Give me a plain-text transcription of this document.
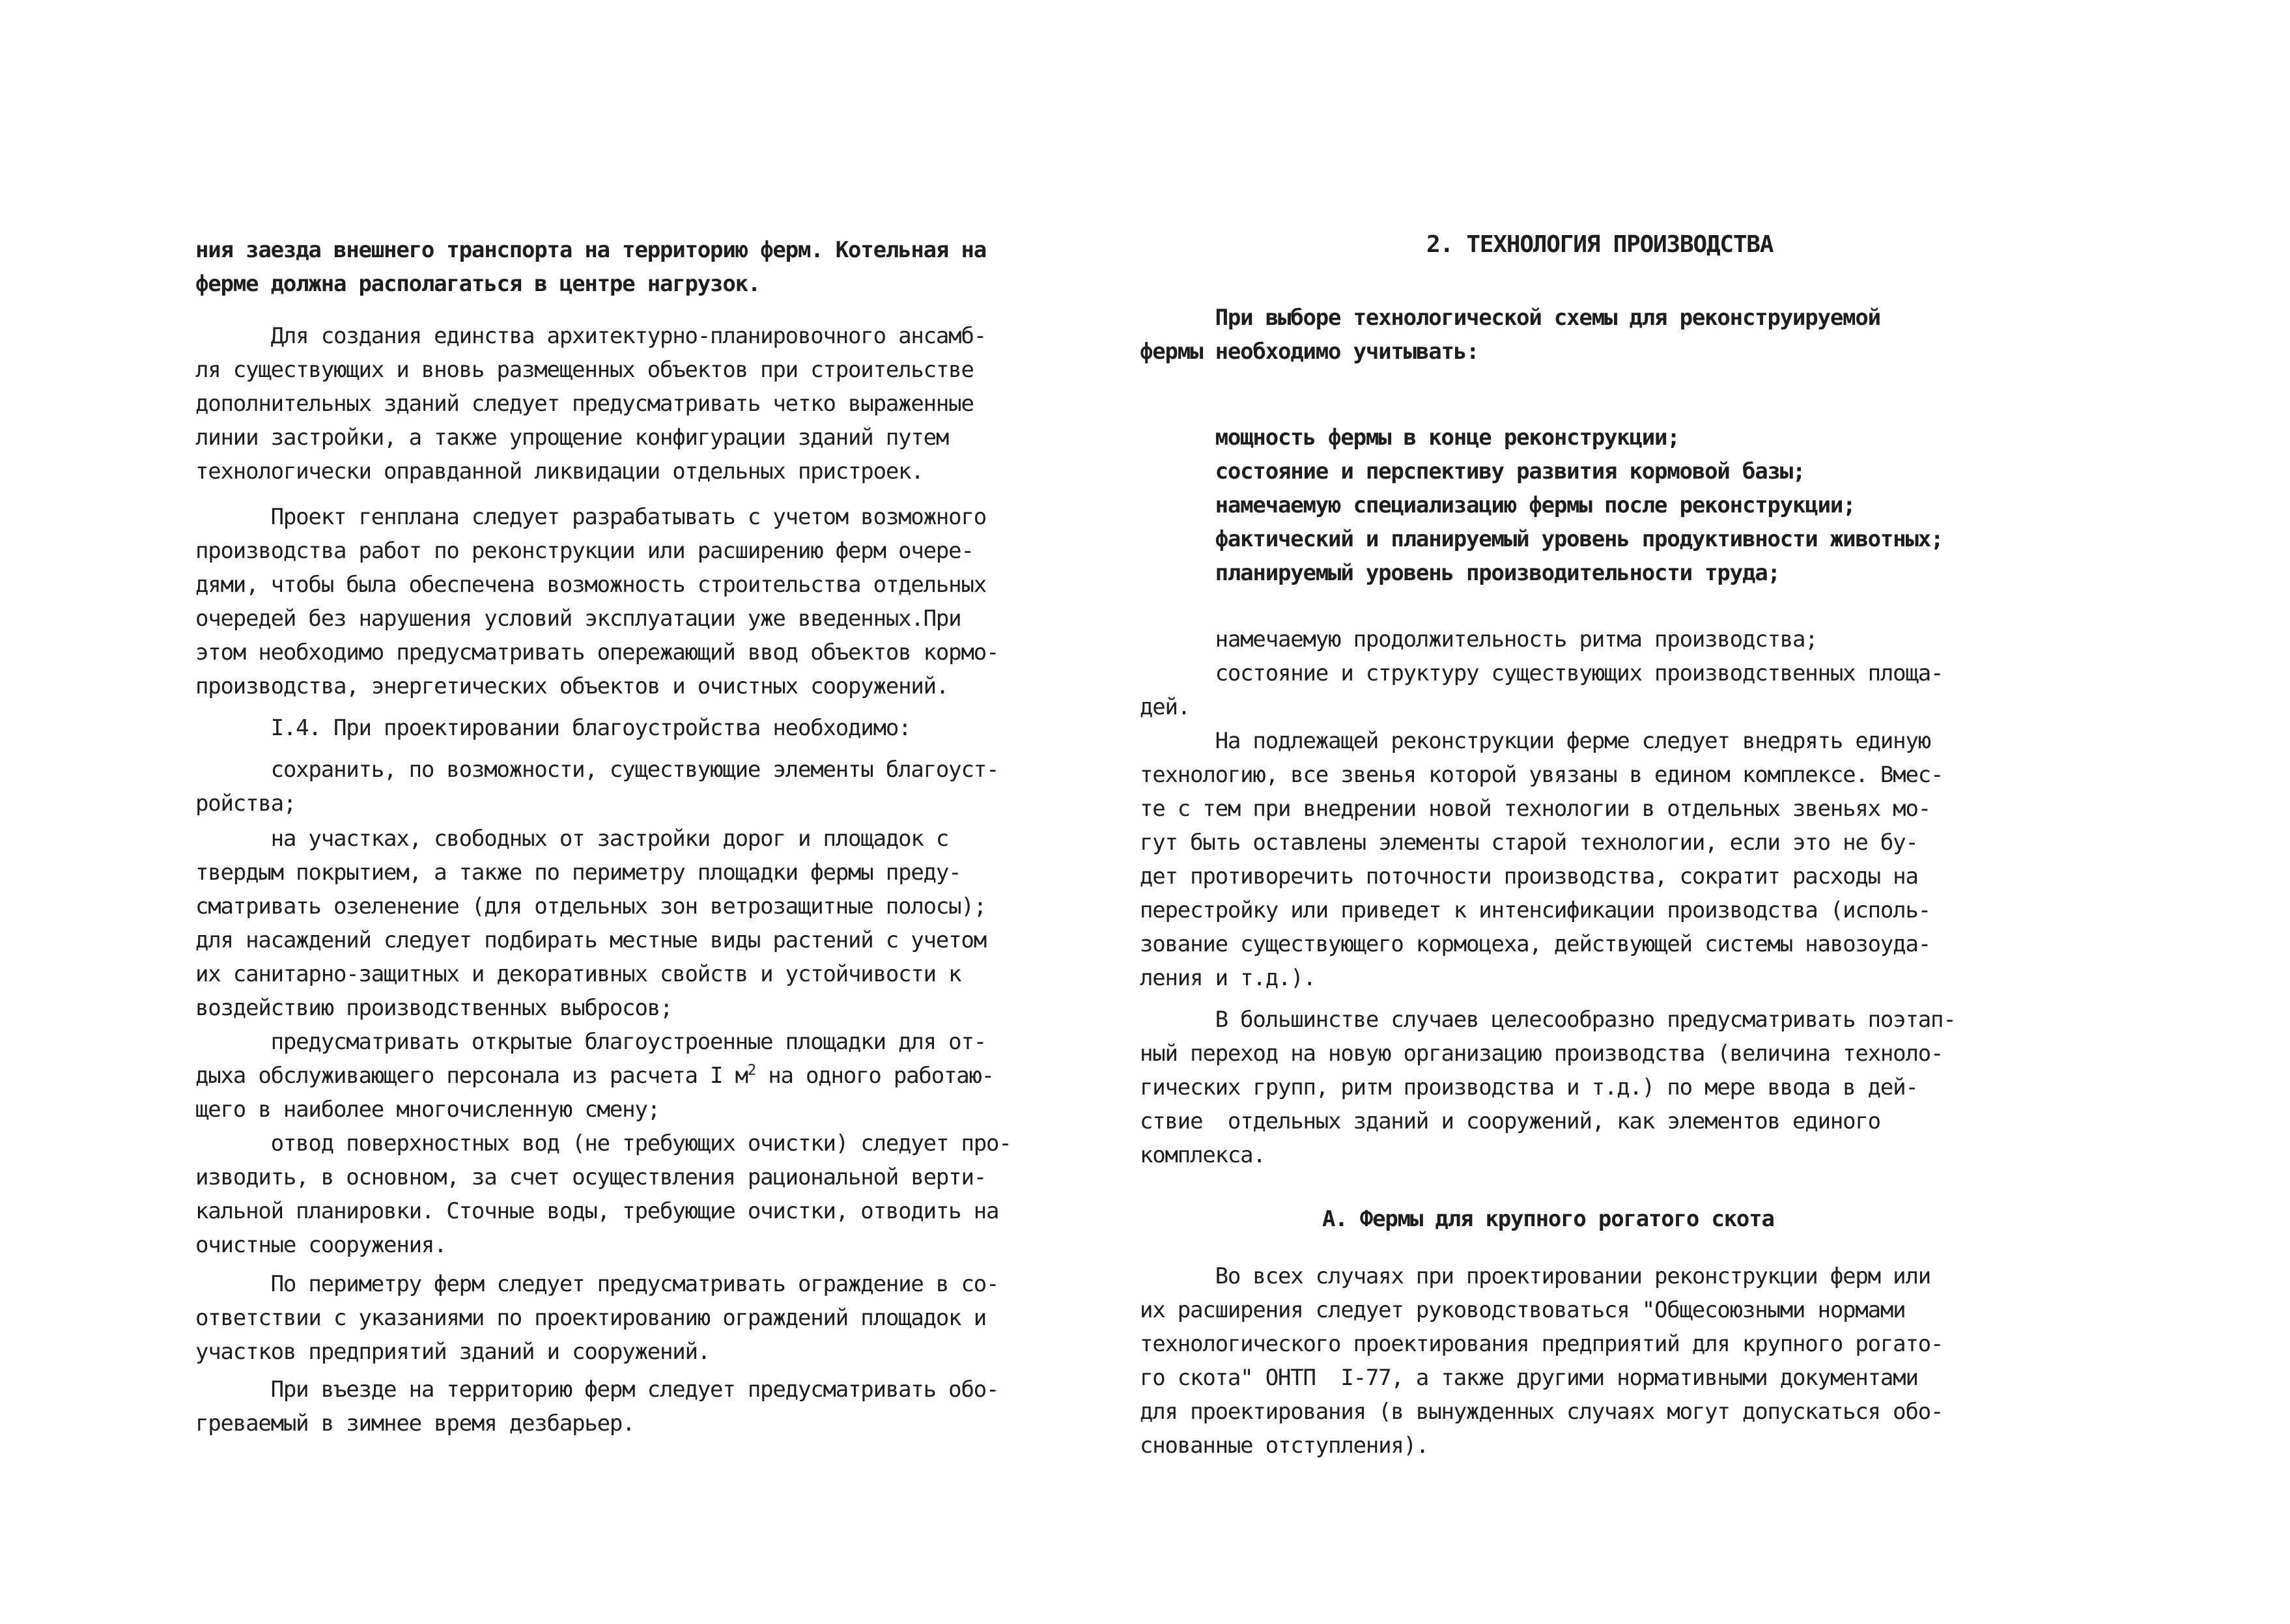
ния заезда внешнего транспорта на территорию ферм. Котельная на
ферме должна располагаться в центре нагрузок.
Для создания единства архитектурно-планировочного ансамб-
ля существующих и вновь размещенных объектов при строительстве
дополнительных зданий следует предусматривать четко выраженные
линии застройки, а также упрощение конфигурации зданий путем
технологически оправданной ликвидации отдельных пристроек.
Проект генплана следует разрабатывать с учетом возможного
производства работ по реконструкции или расширению ферм очере-
дями, чтобы была обеспечена возможность строительства отдельных
очередей без нарушения условий эксплуатации уже введенных.При
этом необходимо предусматривать опережающий ввод объектов кормо-
производства, энергетических объектов и очистных сооружений.
I.4. При проектировании благоустройства необходимо:
сохранить, по возможности, существующие элементы благоуст-
ройства;
на участках, свободных от застройки дорог и площадок с
твердым покрытием, а также по периметру площадки фермы преду-
сматривать озеленение (для отдельных зон ветрозащитные полосы);
для насаждений следует подбирать местные виды растений с учетом
их санитарно-защитных и декоративных свойств и устойчивости к
воздействию производственных выбросов;
предусматривать открытые благоустроенные площадки для от-
дыха обслуживающего персонала из расчета I $м^2$ на одного работаю-
щего в наиболее многочисленную смену;
отвод поверхностных вод (не требующих очистки) следует про-
изводить, в основном, за счет осуществления рациональной верти-
кальной планировки. Сточные воды, требующие очистки, отводить на
очистные сооружения.
По периметру ферм следует предусматривать ограждение в со-
ответствии с указаниями по проектированию ограждений площадок и
участков предприятий зданий и сооружений.
При въезде на территорию ферм следует предусматривать обо-
греваемый в зимнее время дезбарьер.
2. ТЕХНОЛОГИЯ ПРОИЗВОДСТВА
При выборе технологической схемы для реконструируемой
фермы необходимо учитывать:
мощность фермы в конце реконструкции;
состояние и перспективу развития кормовой базы;
намечаемую специализацию фермы после реконструкции;
фактический и планируемый уровень продуктивности животных;
планируемый уровень производительности труда;
намечаемую продолжительность ритма производства;
состояние и структуру существующих производственных площа-
дей.
На подлежащей реконструкции ферме следует внедрять единую
технологию, все звенья которой увязаны в едином комплексе. Вмес-
те с тем при внедрении новой технологии в отдельных звеньях мо-
гут быть оставлены элементы старой технологии, если это не бу-
дет противоречить поточности производства, сократит расходы на
перестройку или приведет к интенсификации производства (исполь-
зование существующего кормоцеха, действующей системы навозоуда-
ления и т.д.).
В большинстве случаев целесообразно предусматривать поэтап-
ный переход на новую организацию производства (величина техноло-
гических групп, ритм производства и т.д.) по мере ввода в дей-
ствие  отдельных зданий и сооружений, как элементов единого
комплекса.
А. Фермы для крупного рогатого скота
Во всех случаях при проектировании реконструкции ферм или
их расширения следует руководствоваться "Общесоюзными нормами
технологического проектирования предприятий для крупного рогато-
го скота" ОНТП  I-77, а также другими нормативными документами
для проектирования (в вынужденных случаях могут допускаться обо-
снованные отступления).
